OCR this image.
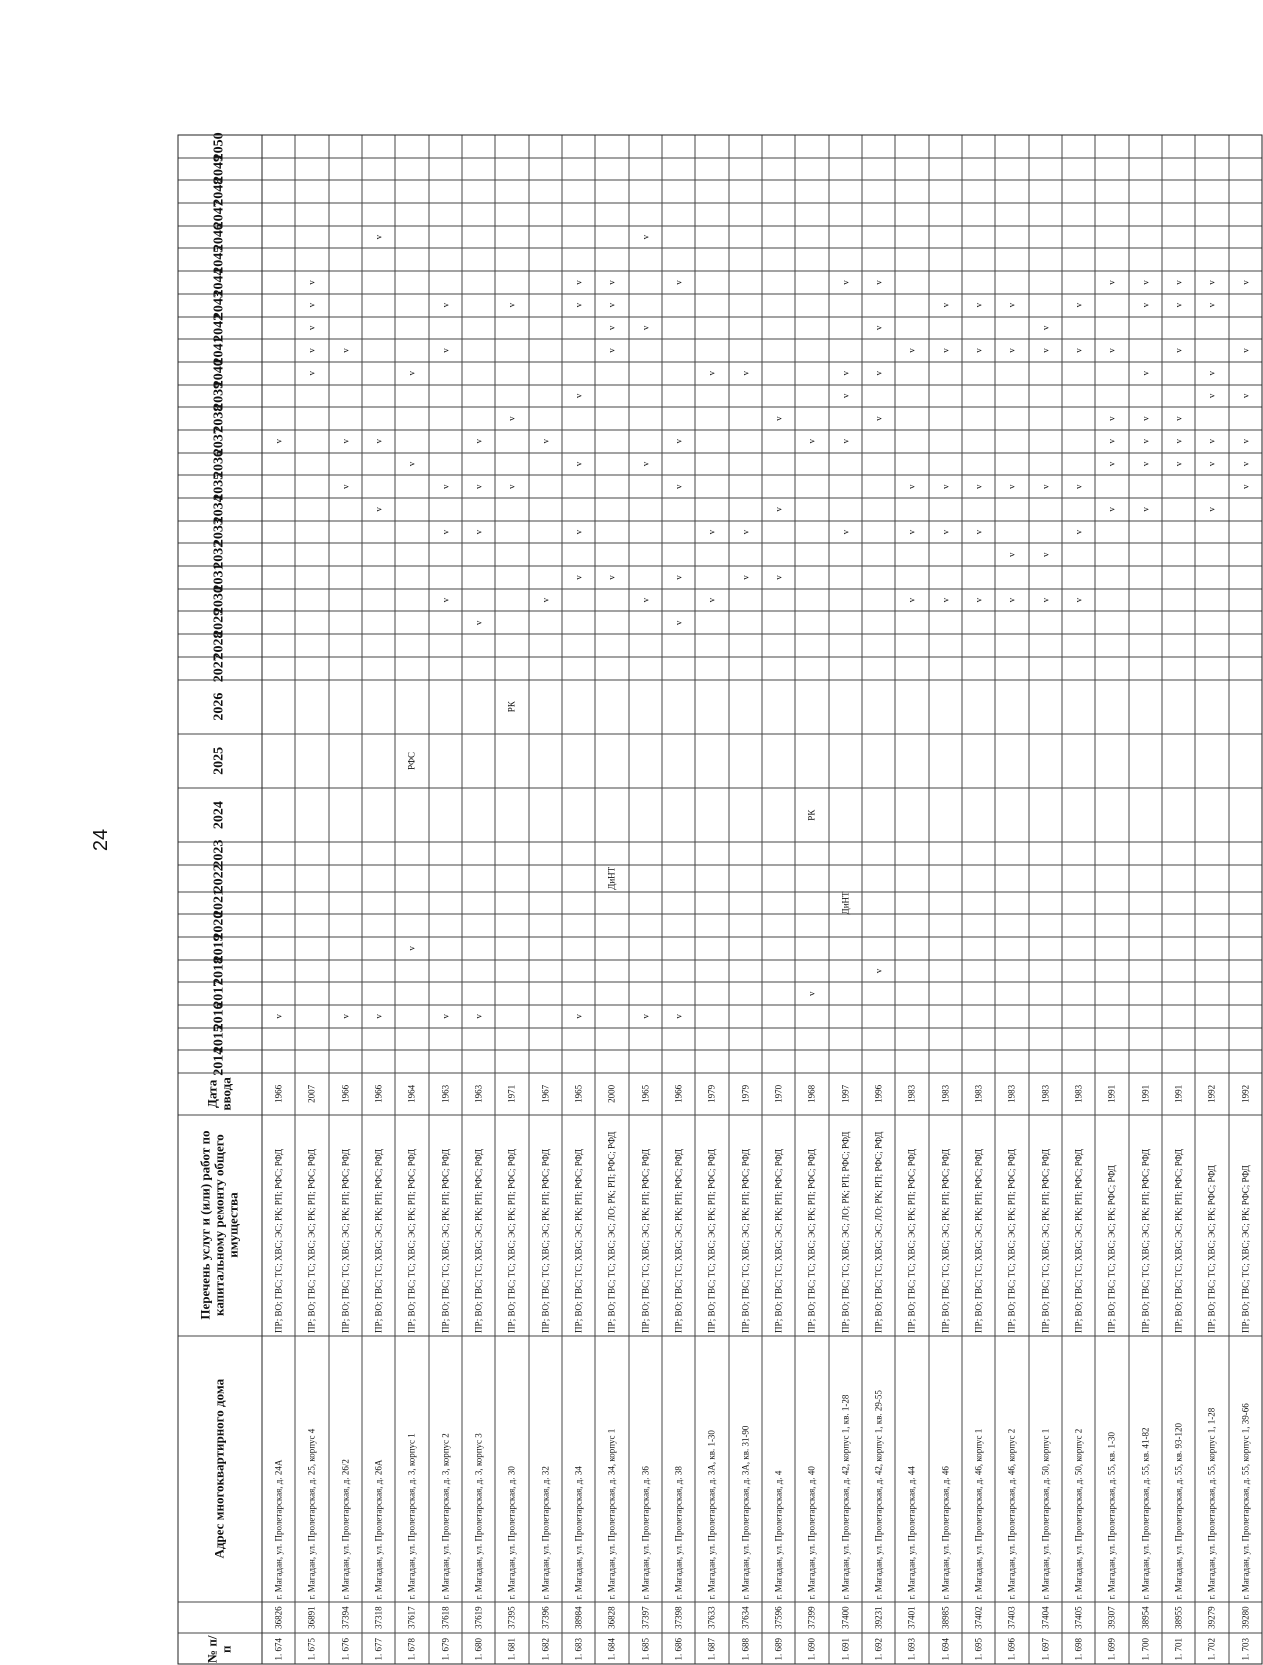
24
№ п/п
Адрес многоквартирного дома
Перечень услуг и (или) работ по капитальному ремонту общего имущества
Дата ввода
2014
2015
2016
2017
2018
2019
2020
2021
2022
2023
2024
2025
2026
2027
2028
2029
2030
2031
2032
2033
2034
2035
2036
2037
2038
2039
2040
2041
2042
2043
2044
2045
2046
2047
2048
2049
2050
1. 674
36826
г. Магадан, ул. Пролетарская, д. 24А
ПР; ВО; ГВС; ТС; ХВС; ЭС; РК; РП; РФС; РФД
1966
v
v
1. 675
36891
г. Магадан, ул. Пролетарская, д. 25, корпус 4
ПР; ВО; ГВС; ТС; ХВС; ЭС; РК; РП; РФС; РФД
2007
v
v
v
v
v
1. 676
37394
г. Магадан, ул. Пролетарская, д. 26/2
ПР; ВО; ГВС; ТС; ХВС; ЭС; РК; РП; РФС; РФД
1966
v
v
v
v
1. 677
37318
г. Магадан, ул. Пролетарская, д. 26А
ПР; ВО; ГВС; ТС; ХВС; ЭС; РК; РП; РФС; РФД
1966
v
v
v
v
1. 678
37617
г. Магадан, ул. Пролетарская, д. 3, корпус 1
ПР; ВО; ГВС; ТС; ХВС; ЭС; РК; РП; РФС; РФД
1964
v
РФС
v
v
1. 679
37618
г. Магадан, ул. Пролетарская, д. 3, корпус 2
ПР; ВО; ГВС; ТС; ХВС; ЭС; РК; РП; РФС; РФД
1963
v
v
v
v
v
v
1. 680
37619
г. Магадан, ул. Пролетарская, д. 3, корпус 3
ПР; ВО; ГВС; ТС; ХВС; ЭС; РК; РП; РФС; РФД
1963
v
v
v
v
v
1. 681
37395
г. Магадан, ул. Пролетарская, д. 30
ПР; ВО; ГВС; ТС; ХВС; ЭС; РК; РП; РФС; РФД
1971
РК
v
v
v
1. 682
37396
г. Магадан, ул. Пролетарская, д. 32
ПР; ВО; ГВС; ТС; ХВС; ЭС; РК; РП; РФС; РФД
1967
v
v
1. 683
38984
г. Магадан, ул. Пролетарская, д. 34
ПР; ВО; ГВС; ТС; ХВС; ЭС; РК; РП; РФС; РФД
1965
v
v
v
v
v
v
v
1. 684
36828
г. Магадан, ул. Пролетарская, д. 34, корпус 1
ПР; ВО; ГВС; ТС; ХВС; ЭС; ЛО; РК; РП; РФС; РФД
2000
ДиНТ
v
v
v
v
v
1. 685
37397
г. Магадан, ул. Пролетарская, д. 36
ПР; ВО; ГВС; ТС; ХВС; ЭС; РК; РП; РФС; РФД
1965
v
v
v
v
v
1. 686
37398
г. Магадан, ул. Пролетарская, д. 38
ПР; ВО; ГВС; ТС; ХВС; ЭС; РК; РП; РФС; РФД
1966
v
v
v
v
v
v
1. 687
37633
г. Магадан, ул. Пролетарская, д. 3А, кв. 1-30
ПР; ВО; ГВС; ТС; ХВС; ЭС; РК; РП; РФС; РФД
1979
v
v
v
1. 688
37634
г. Магадан, ул. Пролетарская, д. 3А, кв. 31-90
ПР; ВО; ГВС; ТС; ХВС; ЭС; РК; РП; РФС; РФД
1979
v
v
v
1. 689
37596
г. Магадан, ул. Пролетарская, д. 4
ПР; ВО; ГВС; ТС; ХВС; ЭС; РК; РП; РФС; РФД
1970
v
v
v
1. 690
37399
г. Магадан, ул. Пролетарская, д. 40
ПР; ВО; ГВС; ТС; ХВС; ЭС; РК; РП; РФС; РФД
1968
v
РК
v
1. 691
37400
г. Магадан, ул. Пролетарская, д. 42, корпус 1, кв. 1-28
ПР; ВО; ГВС; ТС; ХВС; ЭС; ЛО; РК; РП; РФС; РФД
1997
ДиНТ
v
v
v
v
v
1. 692
39231
г. Магадан, ул. Пролетарская, д. 42, корпус 1, кв. 29-55
ПР; ВО; ГВС; ТС; ХВС; ЭС; ЛО; РК; РП; РФС; РФД
1996
v
v
v
v
v
1. 693
37401
г. Магадан, ул. Пролетарская, д. 44
ПР; ВО; ГВС; ТС; ХВС; ЭС; РК; РП; РФС; РФД
1983
v
v
v
v
1. 694
38985
г. Магадан, ул. Пролетарская, д. 46
ПР; ВО; ГВС; ТС; ХВС; ЭС; РК; РП; РФС; РФД
1983
v
v
v
v
v
1. 695
37402
г. Магадан, ул. Пролетарская, д. 46, корпус 1
ПР; ВО; ГВС; ТС; ХВС; ЭС; РК; РП; РФС; РФД
1983
v
v
v
v
v
1. 696
37403
г. Магадан, ул. Пролетарская, д. 46, корпус 2
ПР; ВО; ГВС; ТС; ХВС; ЭС; РК; РП; РФС; РФД
1983
v
v
v
v
v
1. 697
37404
г. Магадан, ул. Пролетарская, д. 50, корпус 1
ПР; ВО; ГВС; ТС; ХВС; ЭС; РК; РП; РФС; РФД
1983
v
v
v
v
v
1. 698
37405
г. Магадан, ул. Пролетарская, д. 50, корпус 2
ПР; ВО; ГВС; ТС; ХВС; ЭС; РК; РП; РФС; РФД
1983
v
v
v
v
v
1. 699
39307
г. Магадан, ул. Пролетарская, д. 55, кв. 1-30
ПР; ВО; ГВС; ТС; ХВС; ЭС; РК; РФС; РФД
1991
v
v
v
v
v
v
1. 700
38954
г. Магадан, ул. Пролетарская, д. 55, кв. 41-82
ПР; ВО; ГВС; ТС; ХВС; ЭС; РК; РП; РФС; РФД
1991
v
v
v
v
v
v
v
1. 701
38955
г. Магадан, ул. Пролетарская, д. 55, кв. 93-120
ПР; ВО; ГВС; ТС; ХВС; ЭС; РК; РП; РФС; РФД
1991
v
v
v
v
v
v
1. 702
39279
г. Магадан, ул. Пролетарская, д. 55, корпус 1, 1-28
ПР; ВО; ГВС; ТС; ХВС; ЭС; РК; РФС; РФД
1992
v
v
v
v
v
v
v
1. 703
39280
г. Магадан, ул. Пролетарская, д. 55, корпус 1, 39-66
ПР; ВО; ГВС; ТС; ХВС; ЭС; РК; РФС; РФД
1992
v
v
v
v
v
v
